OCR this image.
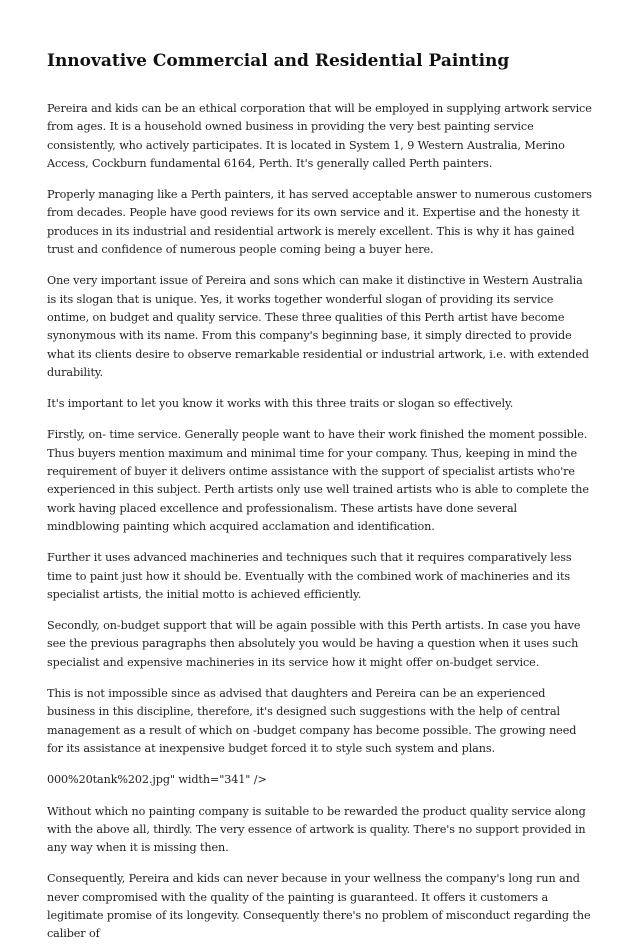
Innovative Commercial and Residential Painting

Pereira and kids can be an ethical corporation that will be employed in supplying artwork service from ages. It is a household owned business in providing the very best painting service consistently, who actively participates. It is located in System 1, 9 Western Australia, Merino Access, Cockburn fundamental 6164, Perth. It's generally called Perth painters.

Properly managing like a Perth painters, it has served acceptable answer to numerous customers from decades. People have good reviews for its own service and it. Expertise and the honesty it produces in its industrial and residential artwork is merely excellent. This is why it has gained trust and confidence of numerous people coming being a buyer here.

One very important issue of Pereira and sons which can make it distinctive in Western Australia is its slogan that is unique. Yes, it works together wonderful slogan of providing its service ontime, on budget and quality service. These three qualities of this Perth artist have become synonymous with its name. From this company's beginning base, it simply directed to provide what its clients desire to observe remarkable residential or industrial artwork, i.e. with extended durability.

It's important to let you know it works with this three traits or slogan so effectively.

Firstly, on- time service. Generally people want to have their work finished the moment possible. Thus buyers mention maximum and minimal time for your company. Thus, keeping in mind the requirement of buyer it delivers ontime assistance with the support of specialist artists who're experienced in this subject. Perth artists only use well trained artists who is able to complete the work having placed excellence and professionalism. These artists have done several mindblowing painting which acquired acclamation and identification.

Further it uses advanced machineries and techniques such that it requires comparatively less time to paint just how it should be. Eventually with the combined work of machineries and its specialist artists, the initial motto is achieved efficiently.

Secondly, on-budget support that will be again possible with this Perth artists. In case you have see the previous paragraphs then absolutely you would be having a question when it uses such specialist and expensive machineries in its service how it might offer on-budget service.

This is not impossible since as advised that daughters and Pereira can be an experienced business in this discipline, therefore, it's designed such suggestions with the help of central management as a result of which on -budget company has become possible. The growing need for its assistance at inexpensive budget forced it to style such system and plans.

000%20tank%202.jpg" width="341" />

Without which no painting company is suitable to be rewarded the product quality service along with the above all, thirdly. The very essence of artwork is quality. There's no support provided in any way when it is missing then.

Consequently, Pereira and kids can never because in your wellness the company's long run and never compromised with the quality of the painting is guaranteed. It offers it customers a legitimate promise of its longevity. Consequently there's no problem of misconduct regarding the caliber of
